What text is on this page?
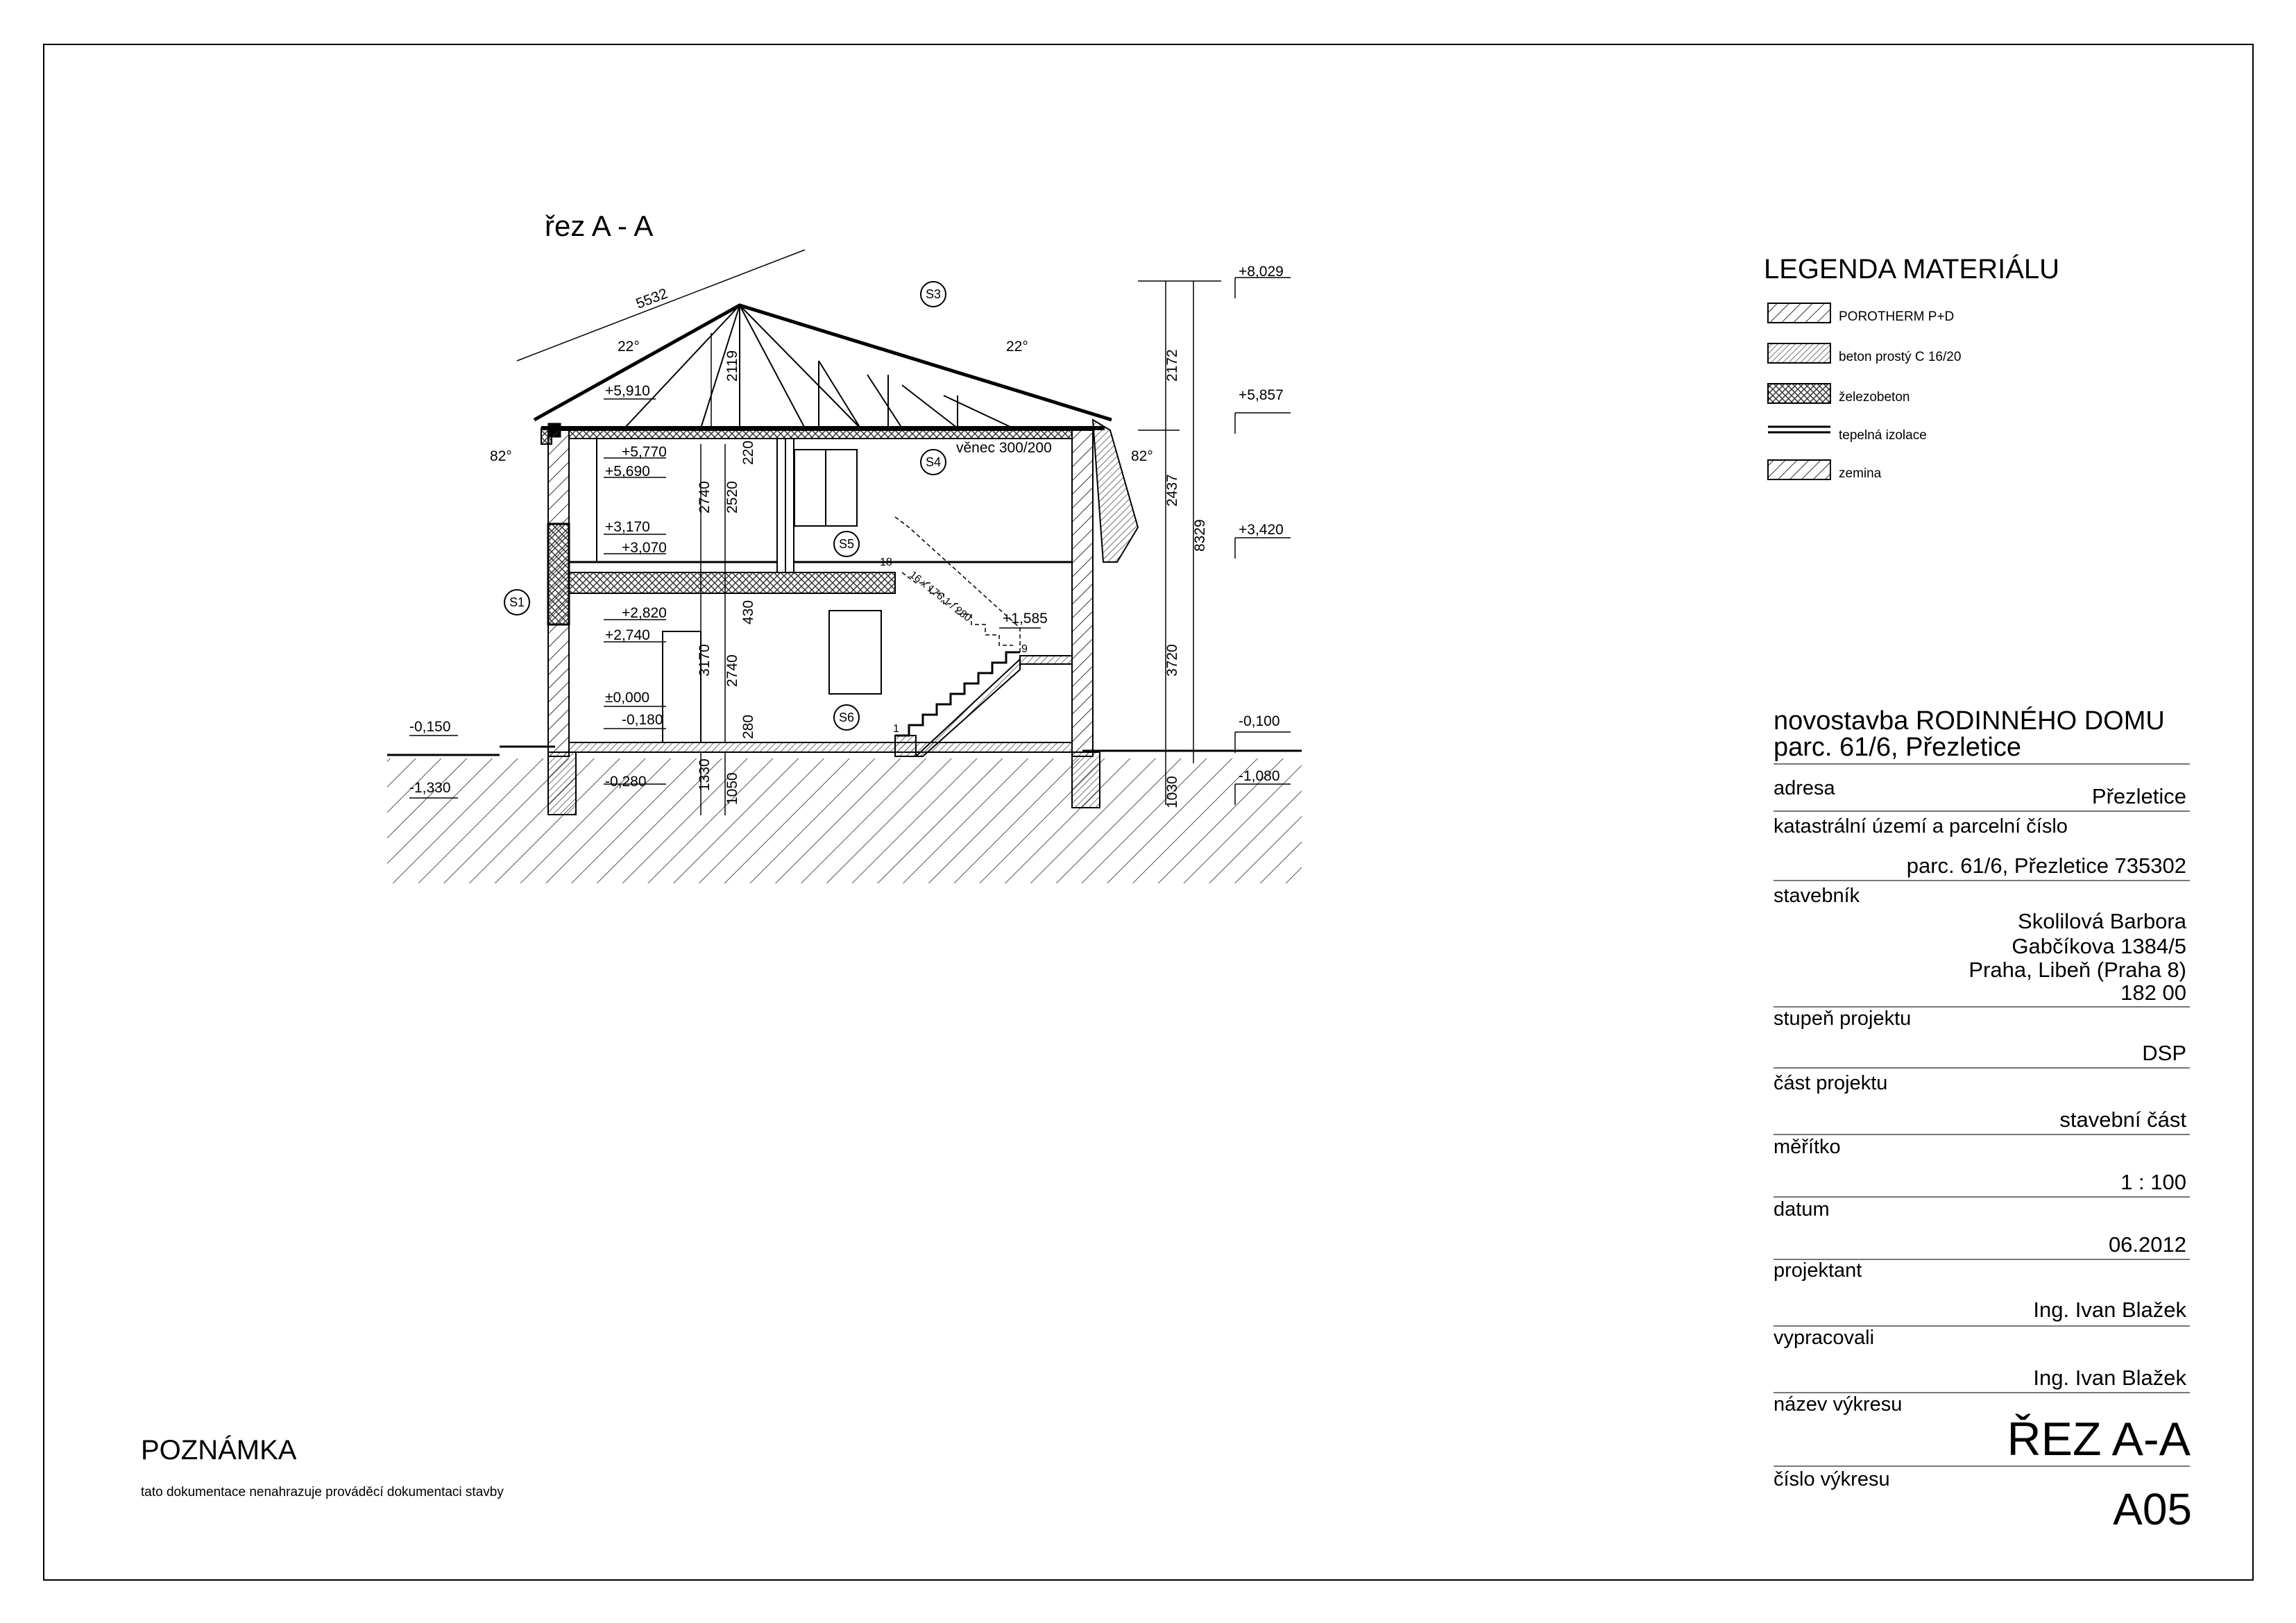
S3
S4
S5
S6
S1
+8,029
+5,857
+3,420
-0,100
-1,080
+5,910
+5,770
+5,690
+3,170
+3,070
+2,820
+2,740
±0,000
-0,180
-0,280
-0,150
-1,330
+1,585
5532
2119
2740 2520
220
430
3170 2740
280
1330 1050
2172
2437
3720
1030
8329
22°	22°
82°	82°
věnec 300/200
16 x 176,1 / 280
18
9
1
řez A - A
LEGENDA MATERIÁLU
POROTHERM P+D
beton prostý C 16/20
železobeton
tepelná izolace
zemina
POZNÁMKA
tato dokumentace nenahrazuje prováděcí dokumentaci stavby
novostavba RODINNÉHO DOMU
parc. 61/6, Přezletice
adresa	Přezletice
katastrální území a parcelní číslo
parc. 61/6, Přezletice 735302
stavebník
Skolilová Barbora
Gabčíkova 1384/5
Praha, Libeň (Praha 8)
182 00
stupeň projektu
DSP
část projektu
stavební část
měřítko
1 : 100
datum
06.2012
projektant
Ing. Ivan Blažek
vypracovali
Ing. Ivan Blažek
název výkresu
ŘEZ A-A
číslo výkresu
A05
